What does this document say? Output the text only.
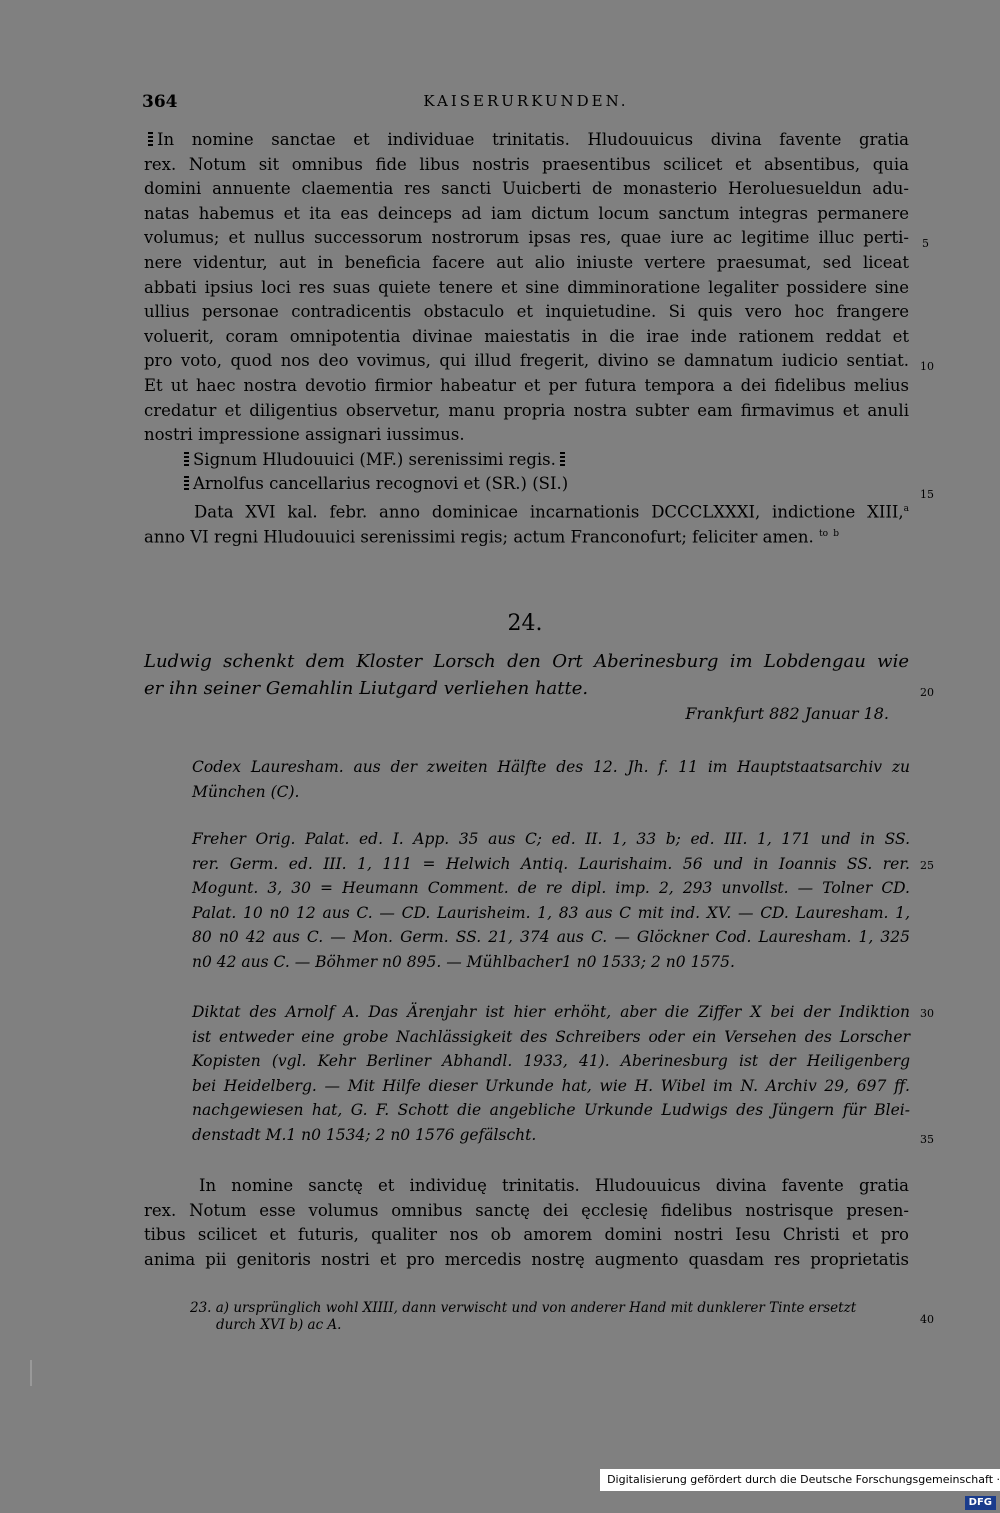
364	KAISERURKUNDEN.
In nomine sanctae et individuae trinitatis. Hludouuicus divina favente gratia
rex. Notum sit omnibus fide libus nostris praesentibus scilicet et absentibus, quia
domini annuente claementia res sancti Uuicberti de monasterio Heroluesueldun adu-
natas habemus et ita eas deinceps ad iam dictum locum sanctum integras permanere
volumus; et nullus successorum nostrorum ipsas res, quae iure ac legitime illuc perti-
nere videntur, aut in beneficia facere aut alio iniuste vertere praesumat, sed liceat
abbati ipsius loci res suas quiete tenere et sine dimminoratione legaliter possidere sine
ullius personae contradicentis obstaculo et inquietudine. Si quis vero hoc frangere
voluerit, coram omnipotentia divinae maiestatis in die irae inde rationem reddat et
pro voto, quod nos deo vovimus, qui illud fregerit, divino se damnatum iudicio sentiat.
Et ut haec nostra devotio firmior habeatur et per futura tempora a dei fidelibus melius
credatur et diligentius observetur, manu propria nostra subter eam firmavimus et anuli
nostri impressione assignari iussimus.
Signum Hludouuici (MF.) serenissimi regis.
Arnolfus cancellarius recognovi et (SR.) (SI.)
Data XVI kal. febr. anno dominicae incarnationis DCCCLXXXI, indictione XIII,$^a$
anno VI regni Hludouuici serenissimi regis; actum Franconofurt; feliciter amen. $^{to}$ $^b$
5
10
15
20
25
30
35
40
24.
Ludwig schenkt dem Kloster Lorsch den Ort Aberinesburg im Lobdengau wie
er ihn seiner Gemahlin Liutgard verliehen hatte.
Frankfurt 882 Januar 18.
Codex Lauresham. aus der zweiten Hälfte des 12. Jh. f. 11 im Hauptstaatsarchiv zu
München (C).
Freher Orig. Palat. ed. I. App. 35 aus C; ed. II. 1, 33 b; ed. III. 1, 171 und in SS.
rer. Germ. ed. III. 1, 111 = Helwich Antiq. Laurishaim. 56 und in Ioannis SS. rer.
Mogunt. 3, 30 = Heumann Comment. de re dipl. imp. 2, 293 unvollst. — Tolner CD.
Palat. 10 n0 12 aus C. — CD. Laurisheim. 1, 83 aus C mit ind. XV. — CD. Lauresham. 1,
80 n0 42 aus C. — Mon. Germ. SS. 21, 374 aus C. — Glöckner Cod. Lauresham. 1, 325
n0 42 aus C. — Böhmer n0 895. — Mühlbacher1 n0 1533; 2 n0 1575.
Diktat des Arnolf A. Das Ärenjahr ist hier erhöht, aber die Ziffer X bei der Indiktion
ist entweder eine grobe Nachlässigkeit des Schreibers oder ein Versehen des Lorscher
Kopisten (vgl. Kehr Berliner Abhandl. 1933, 41). Aberinesburg ist der Heiligenberg
bei Heidelberg. — Mit Hilfe dieser Urkunde hat, wie H. Wibel im N. Archiv 29, 697 ff.
nachgewiesen hat, G. F. Schott die angebliche Urkunde Ludwigs des Jüngern für Blei-
denstadt M.1 n0 1534; 2 n0 1576 gefälscht.
In nomine sanctę et individuę trinitatis. Hludouuicus divina favente gratia
rex. Notum esse volumus omnibus sanctę dei ęcclesię fidelibus nostrisque presen-
tibus scilicet et futuris, qualiter nos ob amorem domini nostri Iesu Christi et pro
anima pii genitoris nostri et pro mercedis nostrę augmento quasdam res proprietatis
23. a) ursprünglich wohl XIIII, dann verwischt und von anderer Hand mit dunklerer Tinte ersetzt
durch XVI b) ac A.
Digitalisierung gefördert durch die Deutsche Forschungsgemeinschaft ·DFG
